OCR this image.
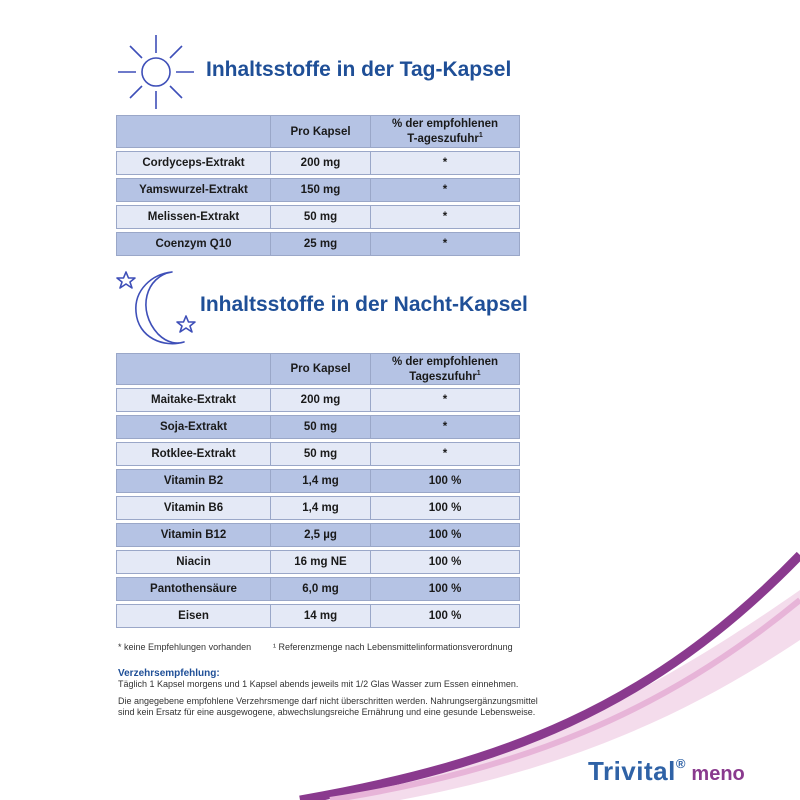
Inhaltsstoffe in der Tag-Kapsel
	Pro Kapsel	% der empfohlenen
T-ageszufuhr$^1$
Cordyceps-Extrakt	200 mg	*
Yamswurzel-Extrakt	150 mg	*
Melissen-Extrakt	50 mg	*
Coenzym Q10	25 mg	*
Inhaltsstoffe in der Nacht-Kapsel
	Pro Kapsel	% der empfohlenen
Tageszufuhr$^1$
Maitake-Extrakt	200 mg	*
Soja-Extrakt	50 mg	*
Rotklee-Extrakt	50 mg	*
Vitamin B2	1,4 mg	100 %
Vitamin B6	1,4 mg	100 %
Vitamin B12	2,5 µg	100 %
Niacin	16 mg NE	100 %
Pantothensäure	6,0 mg	100 %
Eisen	14 mg	100 %
* keine Empfehlungen vorhanden ¹ Referenzmenge nach Lebensmittelinformationsverordnung
Verzehrsempfehlung:

Täglich 1 Kapsel morgens und 1 Kapsel abends jeweils mit 1/2 Glas Wasser zum Essen einnehmen.

Die angegebene empfohlene Verzehrsmenge darf nicht überschritten werden. Nahrungsergänzungsmittel sind kein Ersatz für eine ausgewogene, abwechslungsreiche Ernährung und eine gesunde Lebensweise.

Trivital® meno
